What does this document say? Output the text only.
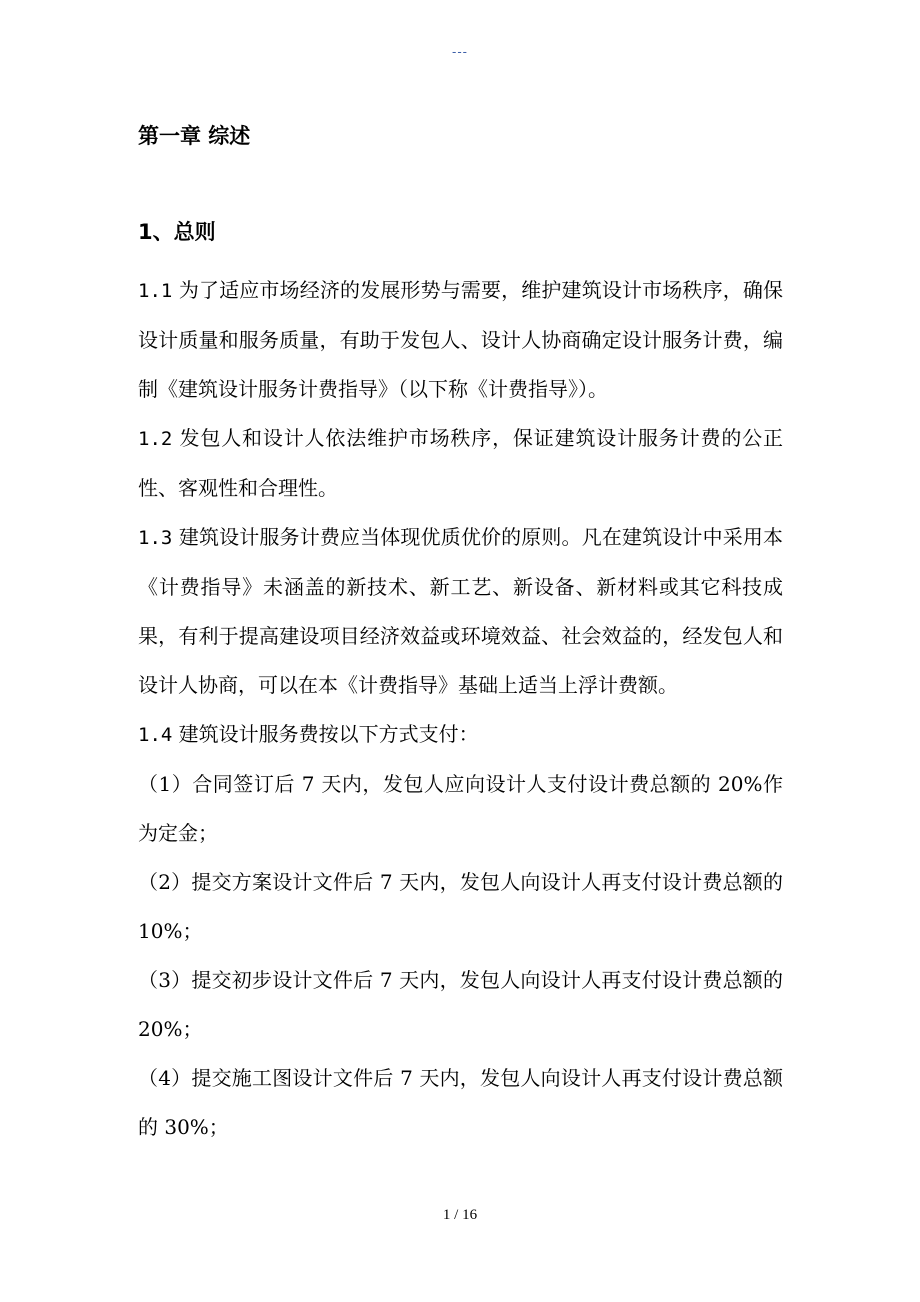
---
第一章 综述
1、总则

1.1 为了适应市场经济的发展形势与需要，维护建筑设计市场秩序，确保设计质量和服务质量，有助于发包人、设计人协商确定设计服务计费，编制《建筑设计服务计费指导》（以下称《计费指导》）。

1.2 发包人和设计人依法维护市场秩序，保证建筑设计服务计费的公正性、客观性和合理性。

1.3 建筑设计服务计费应当体现优质优价的原则。凡在建筑设计中采用本《计费指导》未涵盖的新技术、新工艺、新设备、新材料或其它科技成果，有利于提高建设项目经济效益或环境效益、社会效益的，经发包人和设计人协商，可以在本《计费指导》基础上适当上浮计费额。

1.4 建筑设计服务费按以下方式支付：

（1）合同签订后 7 天内，发包人应向设计人支付设计费总额的 20%作为定金；

（2）提交方案设计文件后 7 天内，发包人向设计人再支付设计费总额的 10%；

（3）提交初步设计文件后 7 天内，发包人向设计人再支付设计费总额的 20%；

（4）提交施工图设计文件后 7 天内，发包人向设计人再支付设计费总额的 30%；

1 / 16
